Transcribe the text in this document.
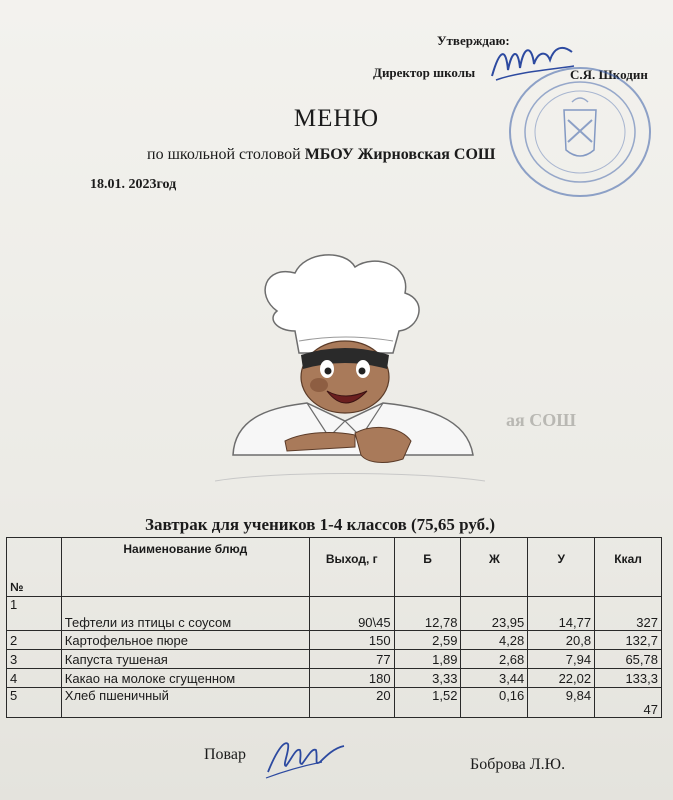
Утверждаю:
Директор школы	С.Я. Шкодин
МЕНЮ
по школьной столовой МБОУ Жирновская СОШ
18.01. 2023год
ая СОШ
Завтрак для учеников 1-4 классов (75,65 руб.)
№	Наименование блюд	Выход, г	Б	Ж	У	Ккал
1	Тефтели из птицы с соусом	90\45	12,78	23,95	14,77	327
2	Картофельное пюре	150	2,59	4,28	20,8	132,7
3	Капуста тушеная	77	1,89	2,68	7,94	65,78
4	Какао на молоке сгущенном	180	3,33	3,44	22,02	133,3
5	Хлеб пшеничный	20	1,52	0,16	9,84	47
Повар
Боброва Л.Ю.
